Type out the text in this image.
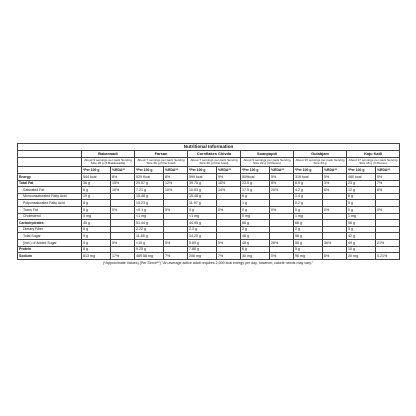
Nutritional Information												
	Bakarwadi		Farsan		Cornflakes Chivda		Soanpapdi		Gulabjam		Kaju Katli	
	About 9 servings per pack Serving Size 28 g (5 Bakarwadis)		About 7 servings per pack Serving Size 30 g (One bowl)		About 7 servings per pack Serving Size 30 g (One bowl)		About 9 servings per pack Serving Size 22 g (3 Pieces)		About 15 servings per pack Serving Size 33 g		About 17 servings per pack Serving Size 15 g (3 Pieces)	
	*Per 100 g	%RDA**	*Per 100 g	%RDA**	*Per 100 g	%RDA**	*Per 100 g	%RDA**	*Per 100 g	%RDA**	*Per 100 g	%RDA**
Energy	544 kcal	8%	529 Kcal	8%	599 kcal	9%	509kcal	5%	319 kcal	5%	480 kcal	5%
Total Fat	36 g	15%	29.57 g	12%	39.75 g	18%	23.5 g	8%	6.9 g	3%	23 g	7%
Saturated Fat	8 g	10%	7.21 g	10%	10.53 g	14%	17.5 g	20%	4.2 g	6%	12 g	8%
Monounsaturated Fatty Acid	19 g		15.48 g		15.48 g		6 g		1.4 g		6 g	
Polyunsaturated Fatty Acid	8 g		10.23 g		11.97 g		1 g		0.2 g		5 g	
Trans Fat	0 g	0%	<0.1 g	0%	0 g	0%	0 g	0%	0 g	0%	0 g	0%
Cholesterol	0 mg		<1 mg		<1 mg		0 mg		1 mg		1 mg	
Carbohydrates	45 g		51.44 g		44.95 g		68 g		66 g		56 g	
Dietary Fiber	6 g		2.22 g		2.3 g		2 g		2 g		3 g	
Total Sugar	9 g		11.65 g		14.20 g		48 g		56 g		42 g	
(incl.) of Added Sugar	9 g	5%	<10 g	5%	5.89 g	5%	48 g	26%	55 g	36%	49 g	21%
Protein	8 g		9.25 g		7.88 g		6 g		5 g		10 g	
Sodium	813 mg	17%	489.58 mg	7%	206 mg	7%	30 mg	0%	96 mg	6%	20 mg	0.21%
(*Approximate Values) (Per Serve**) "An average active adult requires 2,000 kcal energy per day, however, calorie needs may vary."
